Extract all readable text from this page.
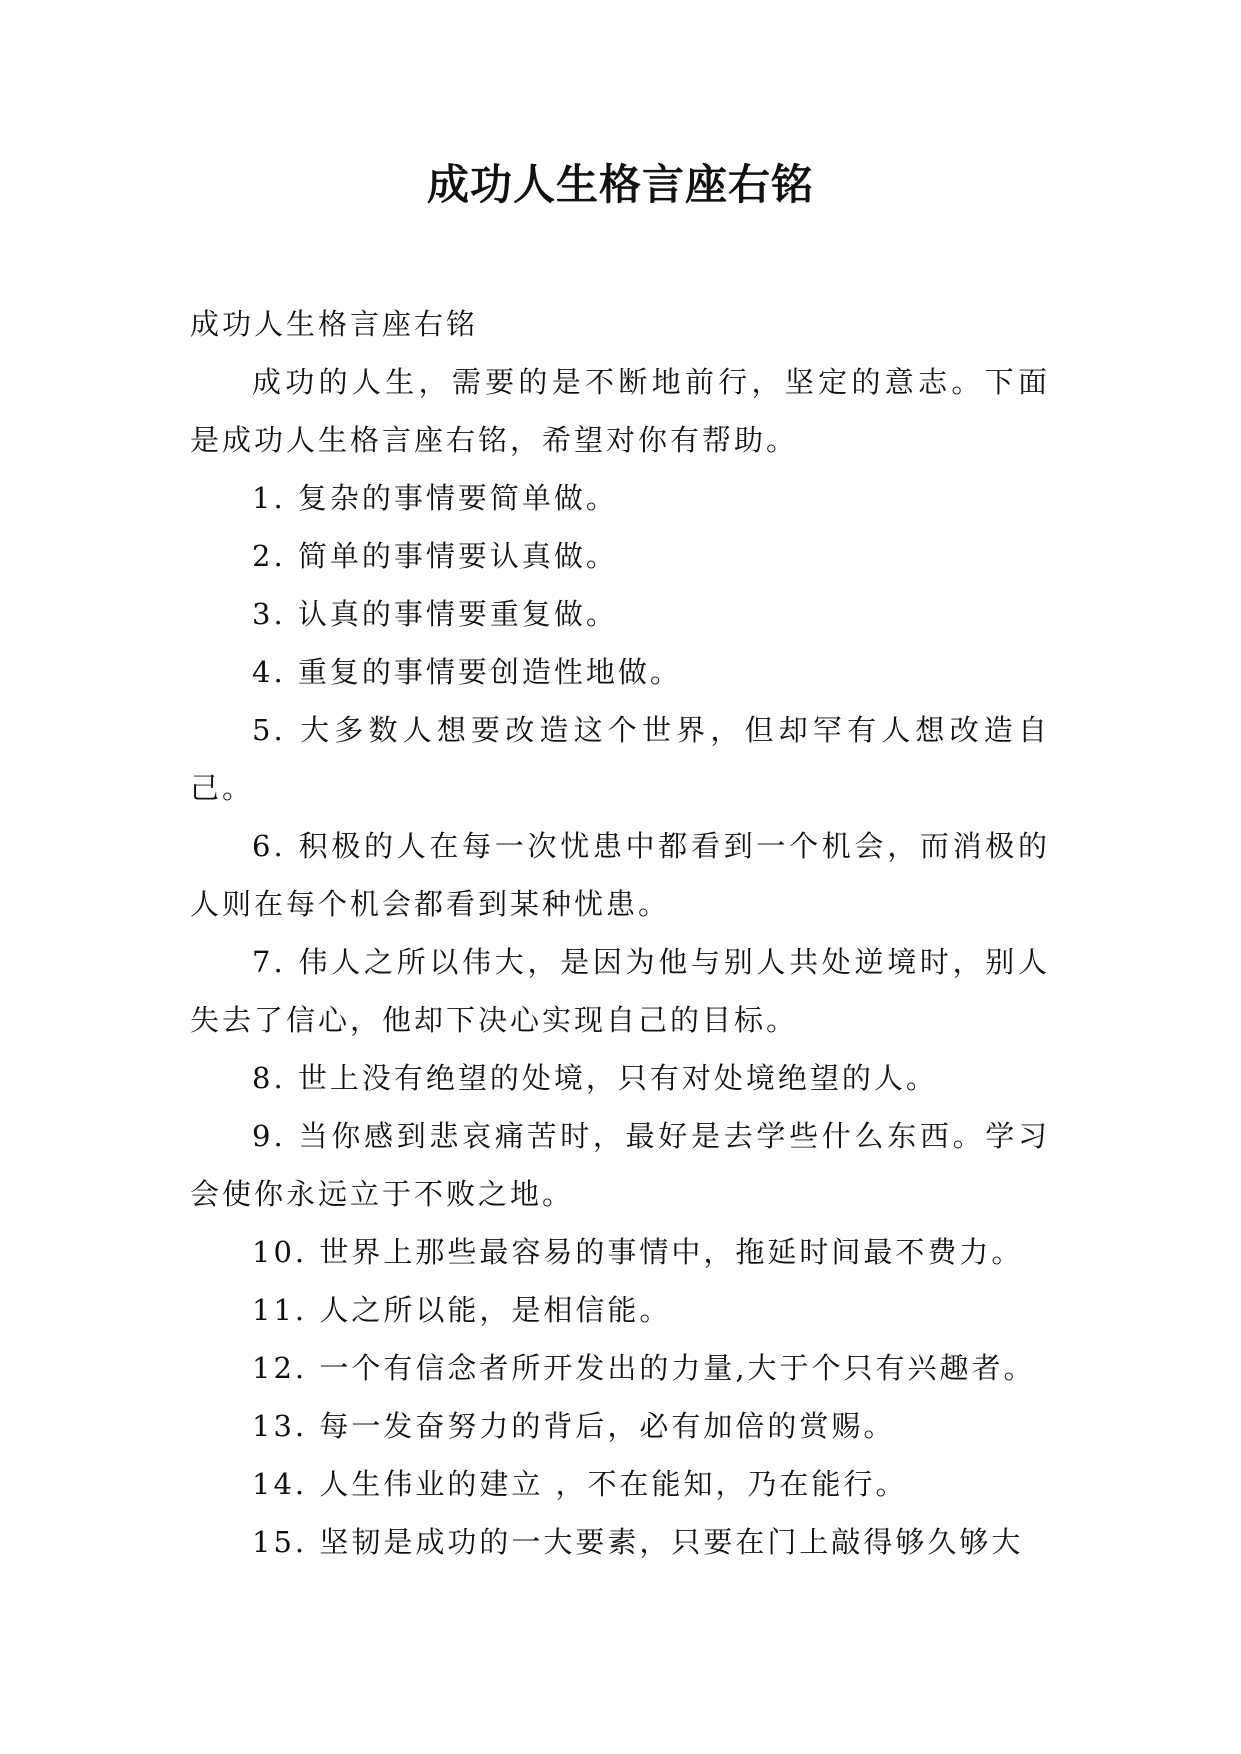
成功人生格言座右铭

成功人生格言座右铭

成功的人生，需要的是不断地前行，坚定的意志。下面是成功人生格言座右铭，希望对你有帮助。

1. 复杂的事情要简单做。

2. 简单的事情要认真做。

3. 认真的事情要重复做。

4. 重复的事情要创造性地做。

5. 大多数人想要改造这个世界，但却罕有人想改造自己。

6. 积极的人在每一次忧患中都看到一个机会，而消极的人则在每个机会都看到某种忧患。

7. 伟人之所以伟大，是因为他与别人共处逆境时，别人失去了信心，他却下决心实现自己的目标。

8. 世上没有绝望的处境，只有对处境绝望的人。

9. 当你感到悲哀痛苦时，最好是去学些什么东西。学习会使你永远立于不败之地。

10. 世界上那些最容易的事情中，拖延时间最不费力。

11. 人之所以能，是相信能。

12. 一个有信念者所开发出的力量,大于个只有兴趣者。

13. 每一发奋努力的背后，必有加倍的赏赐。

14. 人生伟业的建立 ，不在能知，乃在能行。

15. 坚韧是成功的一大要素，只要在门上敲得够久够大
